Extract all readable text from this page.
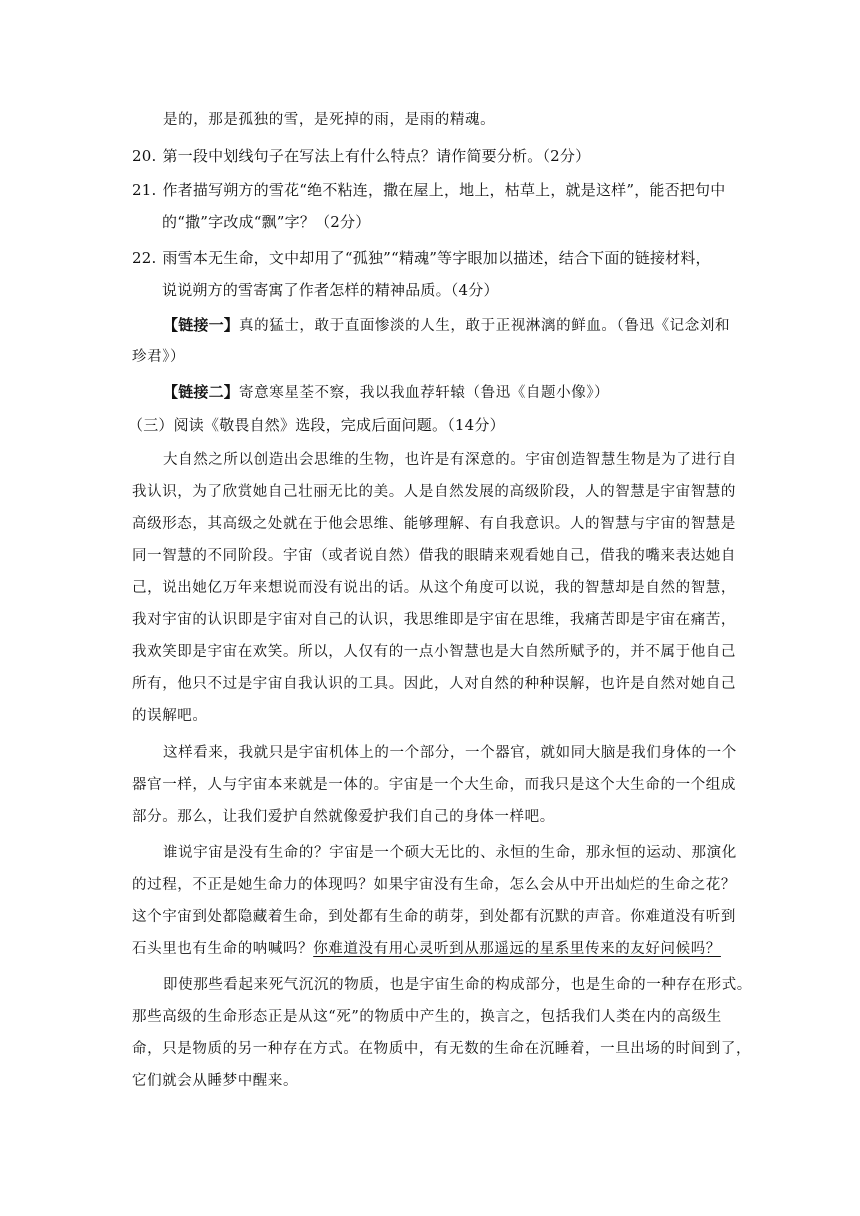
是的，那是孤独的雪，是死掉的雨，是雨的精魂。
20. 第一段中划线句子在写法上有什么特点？请作简要分析。（2分）
21. 作者描写朔方的雪花“绝不粘连，撒在屋上，地上，枯草上，就是这样”，能否把句中
的“撒”字改成“飘”字？（2分）
22. 雨雪本无生命，文中却用了“孤独”“精魂”等字眼加以描述，结合下面的链接材料，
说说朔方的雪寄寓了作者怎样的精神品质。（4分）
【链接一】真的猛士，敢于直面惨淡的人生，敢于正视淋漓的鲜血。（鲁迅《记念刘和
珍君》）
【链接二】寄意寒星荃不察，我以我血荐轩辕（鲁迅《自题小像》）
（三）阅读《敬畏自然》选段，完成后面问题。（14分）
大自然之所以创造出会思维的生物，也许是有深意的。宇宙创造智慧生物是为了进行自
我认识，为了欣赏她自己壮丽无比的美。人是自然发展的高级阶段，人的智慧是宇宙智慧的
高级形态，其高级之处就在于他会思维、能够理解、有自我意识。人的智慧与宇宙的智慧是
同一智慧的不同阶段。宇宙（或者说自然）借我的眼睛来观看她自己，借我的嘴来表达她自
己，说出她亿万年来想说而没有说出的话。从这个角度可以说，我的智慧却是自然的智慧，
我对宇宙的认识即是宇宙对自己的认识，我思维即是宇宙在思维，我痛苦即是宇宙在痛苦，
我欢笑即是宇宙在欢笑。所以，人仅有的一点小智慧也是大自然所赋予的，并不属于他自己
所有，他只不过是宇宙自我认识的工具。因此，人对自然的种种误解，也许是自然对她自己
的误解吧。
这样看来，我就只是宇宙机体上的一个部分，一个器官，就如同大脑是我们身体的一个
器官一样，人与宇宙本来就是一体的。宇宙是一个大生命，而我只是这个大生命的一个组成
部分。那么，让我们爱护自然就像爱护我们自己的身体一样吧。
谁说宇宙是没有生命的？宇宙是一个硕大无比的、永恒的生命，那永恒的运动、那演化
的过程，不正是她生命力的体现吗？如果宇宙没有生命，怎么会从中开出灿烂的生命之花？
这个宇宙到处都隐藏着生命，到处都有生命的萌芽，到处都有沉默的声音。你难道没有听到
石头里也有生命的呐喊吗？你难道没有用心灵听到从那遥远的星系里传来的友好问候吗？
即使那些看起来死气沉沉的物质，也是宇宙生命的构成部分，也是生命的一种存在形式。
那些高级的生命形态正是从这“死”的物质中产生的，换言之，包括我们人类在内的高级生
命，只是物质的另一种存在方式。在物质中，有无数的生命在沉睡着，一旦出场的时间到了，
它们就会从睡梦中醒来。
